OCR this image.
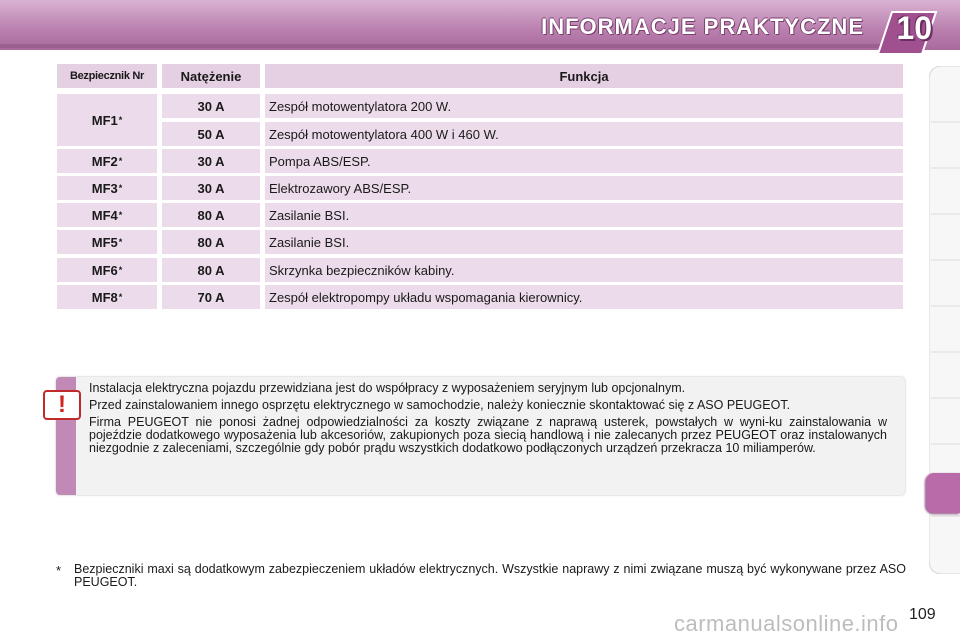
INFORMACJE PRAKTYCZNE 10
Bezpiecznik Nr	Natężenie	Funkcja
MF1 *
30 A	Zespół motowentylatora 200 W.
50 A	Zespół motowentylatora 400 W i 460 W.
MF2 *	30 A	Pompa ABS/ESP.
MF3 *	30 A	Elektrozawory ABS/ESP.
MF4 *	80 A	Zasilanie BSI.
MF5 *	80 A	Zasilanie BSI.
MF6 *	80 A	Skrzynka bezpieczników kabiny.
MF8 *	70 A	Zespół elektropompy układu wspomagania kierownicy.
!

Instalacja elektryczna pojazdu przewidziana jest do współpracy z wyposażeniem seryjnym lub opcjonalnym.

Przed zainstalowaniem innego osprzętu elektrycznego w samochodzie, należy koniecznie skontaktować się z ASO PEUGEOT.

Firma PEUGEOT nie ponosi żadnej odpowiedzialności za koszty związane z naprawą usterek, powstałych w wyni-ku zainstalowania w pojeździe dodatkowego wyposażenia lub akcesoriów, zakupionych poza siecią handlową i nie zalecanych przez PEUGEOT oraz instalowanych niezgodnie z zaleceniami, szczególnie gdy pobór prądu wszystkich dodatkowo podłączonych urządzeń przekracza 10 miliamperów.

* Bezpieczniki maxi są dodatkowym zabezpieczeniem układów elektrycznych. Wszystkie naprawy z nimi związane muszą być wykonywane przez ASO PEUGEOT.
109
carmanualsonline.info
